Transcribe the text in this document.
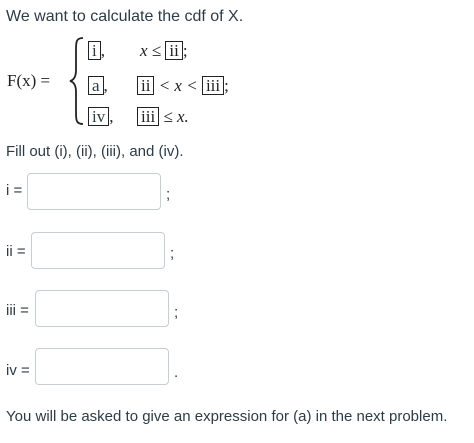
We want to calculate the cdf of X.
F(x) =
i , x ≤ ii ;
a , ii < x < iii ;
iv , iii ≤ x.
Fill out (i), (ii), (iii), and (iv).
i =	;
ii =	;
iii =	;
iv =	.
You will be asked to give an expression for (a) in the next problem.
